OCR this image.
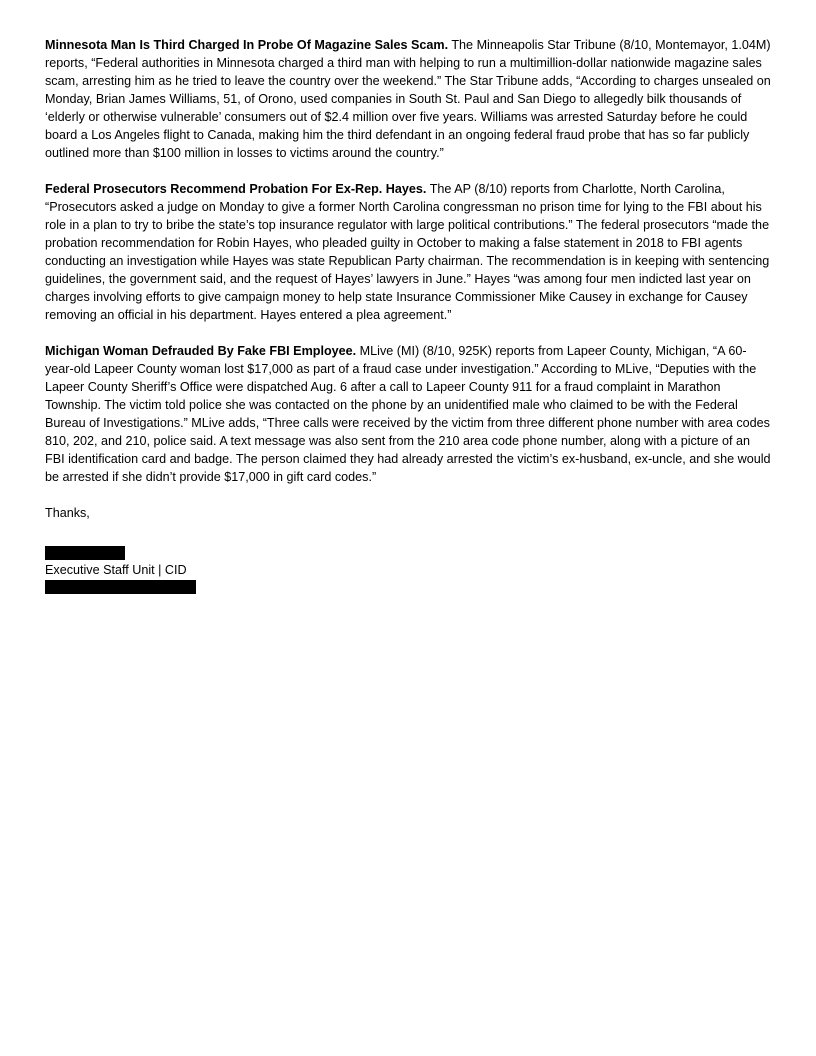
Minnesota Man Is Third Charged In Probe Of Magazine Sales Scam. The Minneapolis Star Tribune (8/10, Montemayor, 1.04M) reports, “Federal authorities in Minnesota charged a third man with helping to run a multimillion-dollar nationwide magazine sales scam, arresting him as he tried to leave the country over the weekend.” The Star Tribune adds, “According to charges unsealed on Monday, Brian James Williams, 51, of Orono, used companies in South St. Paul and San Diego to allegedly bilk thousands of ‘elderly or otherwise vulnerable’ consumers out of $2.4 million over five years. Williams was arrested Saturday before he could board a Los Angeles flight to Canada, making him the third defendant in an ongoing federal fraud probe that has so far publicly outlined more than $100 million in losses to victims around the country.”

Federal Prosecutors Recommend Probation For Ex-Rep. Hayes. The AP (8/10) reports from Charlotte, North Carolina, “Prosecutors asked a judge on Monday to give a former North Carolina congressman no prison time for lying to the FBI about his role in a plan to try to bribe the state’s top insurance regulator with large political contributions.” The federal prosecutors “made the probation recommendation for Robin Hayes, who pleaded guilty in October to making a false statement in 2018 to FBI agents conducting an investigation while Hayes was state Republican Party chairman. The recommendation is in keeping with sentencing guidelines, the government said, and the request of Hayes’ lawyers in June.” Hayes “was among four men indicted last year on charges involving efforts to give campaign money to help state Insurance Commissioner Mike Causey in exchange for Causey removing an official in his department. Hayes entered a plea agreement.”

Michigan Woman Defrauded By Fake FBI Employee. MLive (MI) (8/10, 925K) reports from Lapeer County, Michigan, “A 60-year-old Lapeer County woman lost $17,000 as part of a fraud case under investigation.” According to MLive, “Deputies with the Lapeer County Sheriff’s Office were dispatched Aug. 6 after a call to Lapeer County 911 for a fraud complaint in Marathon Township. The victim told police she was contacted on the phone by an unidentified male who claimed to be with the Federal Bureau of Investigations.” MLive adds, “Three calls were received by the victim from three different phone number with area codes 810, 202, and 210, police said. A text message was also sent from the 210 area code phone number, along with a picture of an FBI identification card and badge. The person claimed they had already arrested the victim’s ex-husband, ex-uncle, and she would be arrested if she didn’t provide $17,000 in gift card codes.”

Thanks,

Executive Staff Unit | CID
